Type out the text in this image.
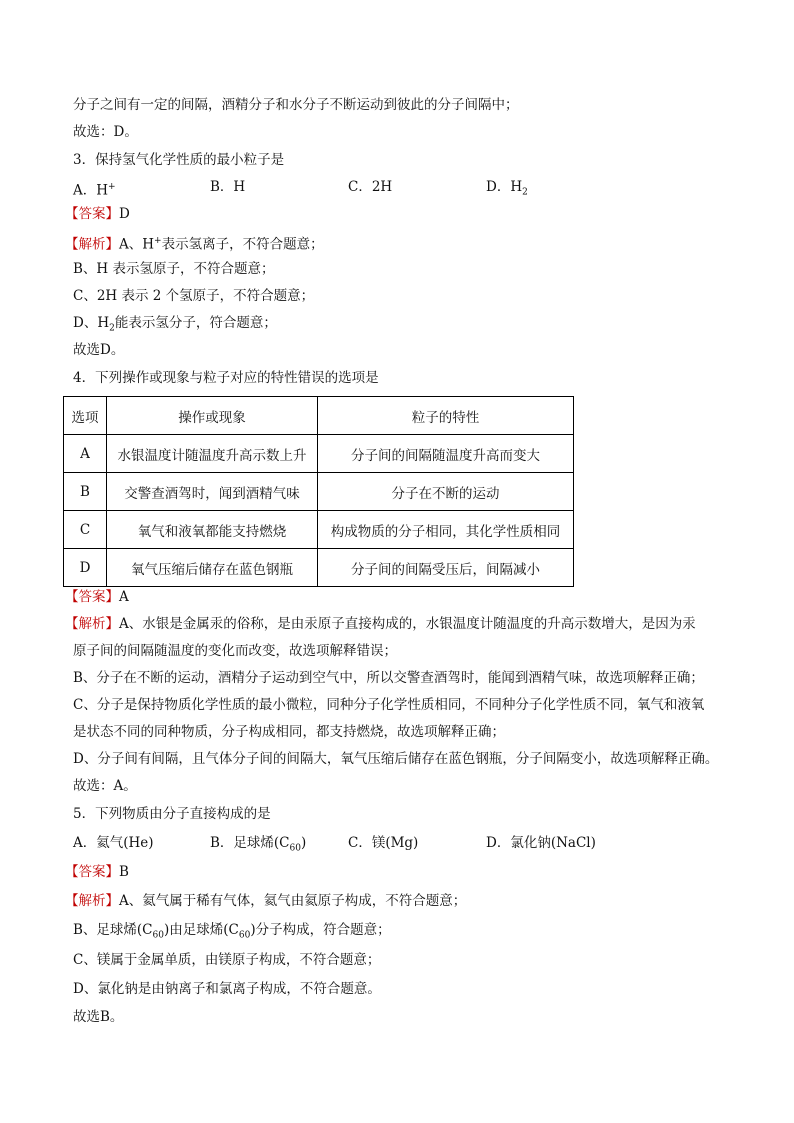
分子之间有一定的间隔，酒精分子和水分子不断运动到彼此的分子间隔中；
故选：D。
3．保持氢气化学性质的最小粒子是
A．H+	B．H	C．2H	D．$H_2$
【答案】D
【解析】A、H+表示氢离子，不符合题意；
B、H 表示氢原子，不符合题意；
C、2H 表示 2 个氢原子，不符合题意；
D、$H_2$能表示氢分子，符合题意；
故选D。
4．下列操作或现象与粒子对应的特性错误的选项是
选项	操作或现象	粒子的特性
A	水银温度计随温度升高示数上升	分子间的间隔随温度升高而变大
B	交警查酒驾时，闻到酒精气味	分子在不断的运动
C	氧气和液氧都能支持燃烧	构成物质的分子相同，其化学性质相同
D	氧气压缩后储存在蓝色钢瓶	分子间的间隔受压后，间隔减小
【答案】A
【解析】A、水银是金属汞的俗称，是由汞原子直接构成的，水银温度计随温度的升高示数增大，是因为汞
原子间的间隔随温度的变化而改变，故选项解释错误；
B、分子在不断的运动，酒精分子运动到空气中，所以交警查酒驾时，能闻到酒精气味，故选项解释正确；
C、分子是保持物质化学性质的最小微粒，同种分子化学性质相同，不同种分子化学性质不同，氧气和液氧
是状态不同的同种物质，分子构成相同，都支持燃烧，故选项解释正确；
D、分子间有间隔，且气体分子间的间隔大，氧气压缩后储存在蓝色钢瓶，分子间隔变小，故选项解释正确。
故选：A。
5．下列物质由分子直接构成的是
A．氦气(He)	B．足球烯$(C_{60})$	C．镁(Mg)	D．氯化钠(NaCl)
【答案】B
【解析】A、氦气属于稀有气体，氦气由氦原子构成，不符合题意；
B、足球烯$(C_{60})$由足球烯$(C_{60})$分子构成，符合题意；
C、镁属于金属单质，由镁原子构成，不符合题意；
D、氯化钠是由钠离子和氯离子构成，不符合题意。
故选B。
